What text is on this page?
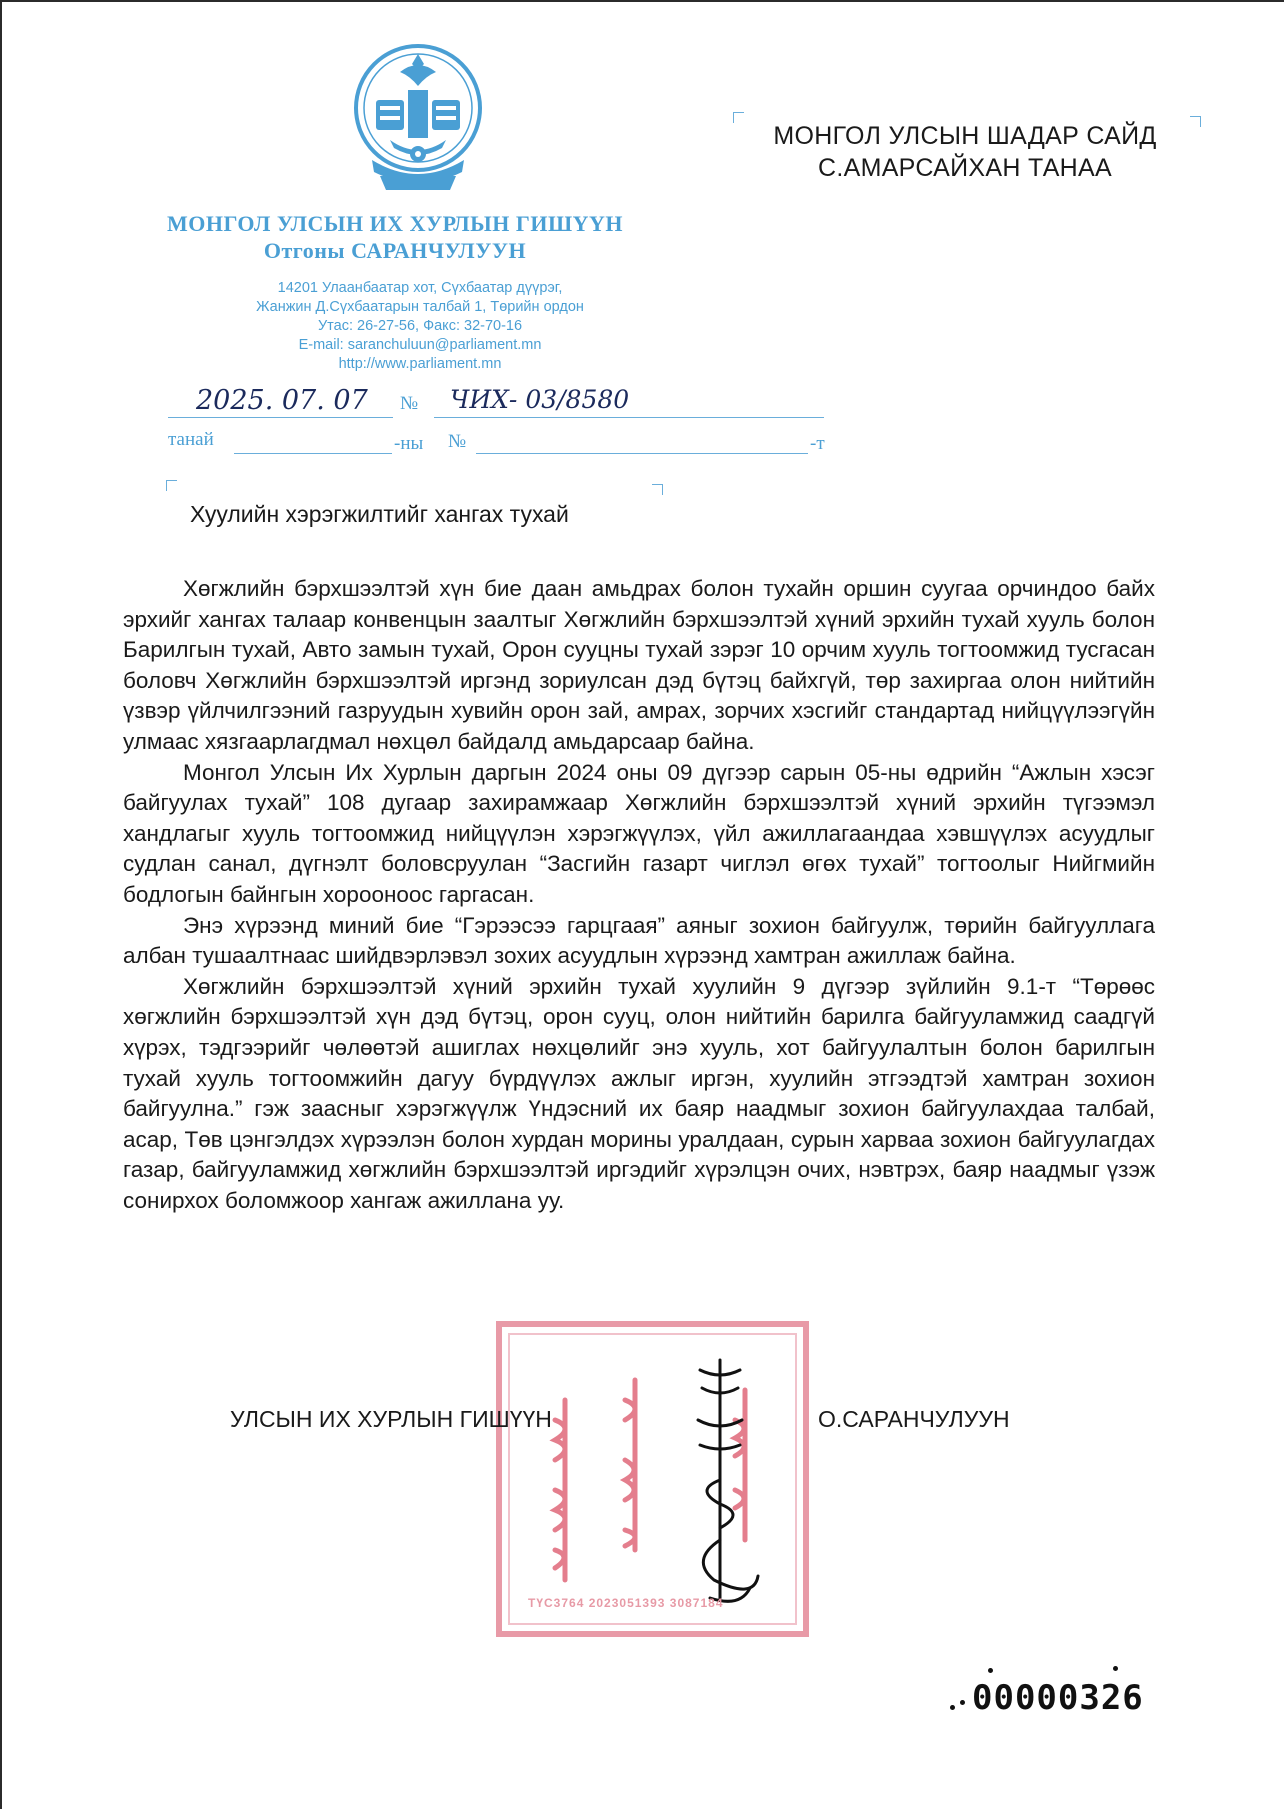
МОНГОЛ УЛСЫН ИХ ХУРЛЫН ГИШҮҮН
Отгоны САРАНЧУЛУУН
14201 Улаанбаатар хот, Сүхбаатар дүүрэг,
Жанжин Д.Сүхбаатарын талбай 1, Төрийн ордон
Утас: 26-27-56, Факс: 32-70-16
E-mail: saranchuluun@parliament.mn
http://www.parliament.mn
2025. 07. 07 № ЧИХ- 03/8580
танай	-ны №	-т
МОНГОЛ УЛСЫН ШАДАР САЙД
С.АМАРСАЙХАН ТАНАА
Хуулийн хэрэгжилтийг хангах тухай

Хөгжлийн бэрхшээлтэй хүн бие даан амьдрах болон тухайн оршин суугаа орчиндоо байх эрхийг хангах талаар конвенцын заалтыг Хөгжлийн бэрхшээлтэй хүний эрхийн тухай хууль болон Барилгын тухай, Авто замын тухай, Орон сууцны тухай зэрэг 10 орчим хууль тогтоомжид тусгасан боловч Хөгжлийн бэрхшээлтэй иргэнд зориулсан дэд бүтэц байхгүй, төр захиргаа олон нийтийн үзвэр үйлчилгээний газруудын хувийн орон зай, амрах, зорчих хэсгийг стандартад нийцүүлээгүйн улмаас хязгаарлагдмал нөхцөл байдалд амьдарсаар байна.

Монгол Улсын Их Хурлын даргын 2024 оны 09 дүгээр сарын 05-ны өдрийн “Ажлын хэсэг байгуулах тухай” 108 дугаар захирамжаар Хөгжлийн бэрхшээлтэй хүний эрхийн түгээмэл хандлагыг хууль тогтоомжид нийцүүлэн хэрэгжүүлэх, үйл ажиллагаандаа хэвшүүлэх асуудлыг судлан санал, дүгнэлт боловсруулан “Засгийн газарт чиглэл өгөх тухай” тогтоолыг Нийгмийн бодлогын байнгын хорооноос гаргасан.

Энэ хүрээнд миний бие “Гэрээсээ гарцгаая” аяныг зохион байгуулж, төрийн байгууллага албан тушаалтнаас шийдвэрлэвэл зохих асуудлын хүрээнд хамтран ажиллаж байна.

Хөгжлийн бэрхшээлтэй хүний эрхийн тухай хуулийн 9 дүгээр зүйлийн 9.1-т “Төрөөс хөгжлийн бэрхшээлтэй хүн дэд бүтэц, орон сууц, олон нийтийн барилга байгууламжид саадгүй хүрэх, тэдгээрийг чөлөөтэй ашиглах нөхцөлийг энэ хууль, хот байгуулалтын болон барилгын тухай хууль тогтоомжийн дагуу бүрдүүлэх ажлыг иргэн, хуулийн этгээдтэй хамтран зохион байгуулна.” гэж заасныг хэрэгжүүлж Үндэсний их баяр наадмыг зохион байгуулахдаа талбай, асар, Төв цэнгэлдэх хүрээлэн болон хурдан морины уралдаан, сурын харваа зохион байгуулагдах газар, байгууламжид хөгжлийн бэрхшээлтэй иргэдийг хүрэлцэн очих, нэвтрэх, баяр наадмыг үзэж сонирхох боломжоор хангаж ажиллана уу.

УЛСЫН ИХ ХУРЛЫН ГИШҮҮН	О.САРАНЧУЛУУН
ТҮС3764 2023051393 3087184
00000326
